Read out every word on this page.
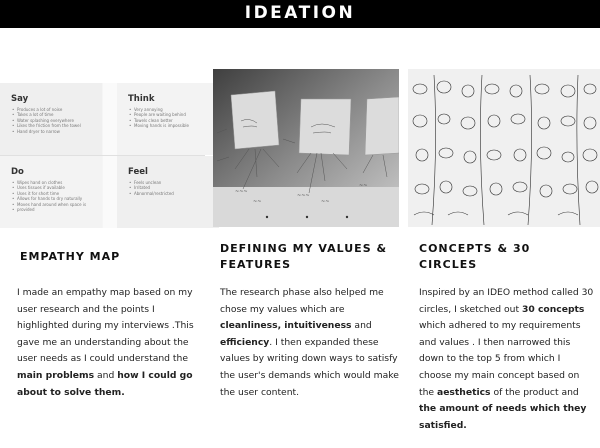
IDEATION
Say
• Produces a lot of noise
• Takes a lot of time
• Water splashing everywhere
• Likes the friction from the towel
• Hand dryer to narrow
Think
• Very annoying
• People are waiting behind
• Towels clean better
• Moving hands is impossible
Do
• Wipes hand on clothes
• Uses tissues if available
• Uses it for short time
• Allows for hands to dry naturally
• Moves hand around when space is
• provided
Feel
• Feels unclean
• Irritated
• Abnormal/restricted	~~~
~~
~~~
~~
~~
EMPATHY MAP

I made an empathy map based on my user research and the points I highlighted during my interviews .This gave me an understanding about the user needs as I could understand the main problems and how I could go about to solve them.

DEFINING MY VALUES & FEATURES

The research phase also helped me chose my values which are cleanliness, intuitiveness and efficiency. I then expanded these values by writing down ways to satisfy the user's demands which would make the user content.

CONCEPTS & 30 CIRCLES

Inspired by an IDEO method called 30 circles, I sketched out 30 concepts which adhered to my requirements and values . I then narrowed this down to the top 5 from which I choose my main concept based on the aesthetics of the product and the amount of needs which they satisfied.
